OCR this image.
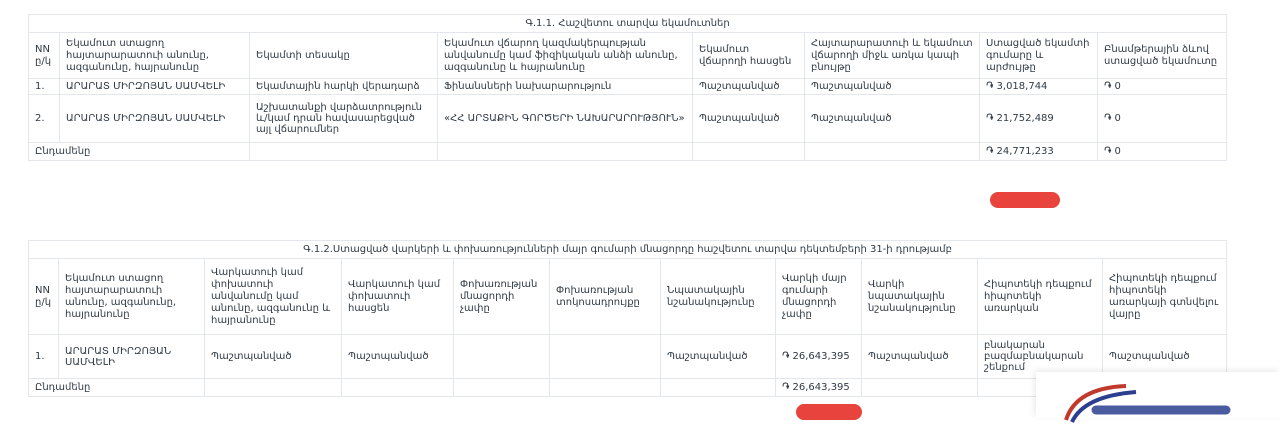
Գ.1.1. Հաշվետու տարվա եկամուտներ							
NN ը/կ	Եկամուտ ստացող հայտարարատուի անունը, ազգանունը, հայրանունը	Եկամտի տեսակը	Եկամուտ վճարող կազմակերպության անվանումը կամ ֆիզիկական անձի անունը, ազգանունը և հայրանունը	Եկամուտ վճարողի հասցեն	Հայտարարատուի և եկամուտ վճարողի միջև առկա կապի բնույթը	Ստացված եկամտի գումարը և արժույթը	Բնամթերային ձևով ստացված եկամուտը
1.	ԱՐԱՐԱՏ ՄԻՐԶՈՅԱՆ ՍԱՄՎԵԼԻ	Եկամտային հարկի վերադարձ	Ֆինանսների նախարարություն	Պաշտպանված	Պաշտպանված	֏ 3,018,744	֏ 0
2.	ԱՐԱՐԱՏ ՄԻՐԶՈՅԱՆ ՍԱՄՎԵԼԻ	Աշխատանքի վարձատրություն և/կամ դրան հավասարեցված այլ վճարումներ	«ՀՀ ԱՐՏԱՔԻՆ ԳՈՐԾԵՐԻ ՆԱԽԱՐԱՐՈՒԹՅՈՒՆ»	Պաշտպանված	Պաշտպանված	֏ 21,752,489	֏ 0
Ընդամենը						֏ 24,771,233	֏ 0
Գ.1.2.Ստացված վարկերի և փոխառությունների մայր գումարի մնացորդը հաշվետու տարվա դեկտեմբերի 31-ի դրությամբ										
NN ը/կ	Եկամուտ ստացող հայտարարատուի անունը, ազգանունը, հայրանունը	Վարկատուի կամ փոխատուի անվանումը կամ անունը, ազգանունը և հայրանունը	Վարկատուի կամ փոխատուի հասցեն	Փոխառության մնացորդի չափը	Փոխառության տոկոսադրույքը	Նպատակային նշանակությունը	Վարկի մայր գումարի մնացորդի չափը	Վարկի նպատակային նշանակությունը	Հիպոտեկի դեպքում հիպոտեկի առարկան	Հիպոտեկի դեպքում հիպոտեկի առարկայի գտնվելու վայրը
1.	ԱՐԱՐԱՏ ՄԻՐԶՈՅԱՆ ՍԱՄՎԵԼԻ	Պաշտպանված	Պաշտպանված			Պաշտպանված	֏ 26,643,395	Պաշտպանված	բնակարան բազմաբնակարան շենքում	Պաշտպանված
Ընդամենը							֏ 26,643,395			
